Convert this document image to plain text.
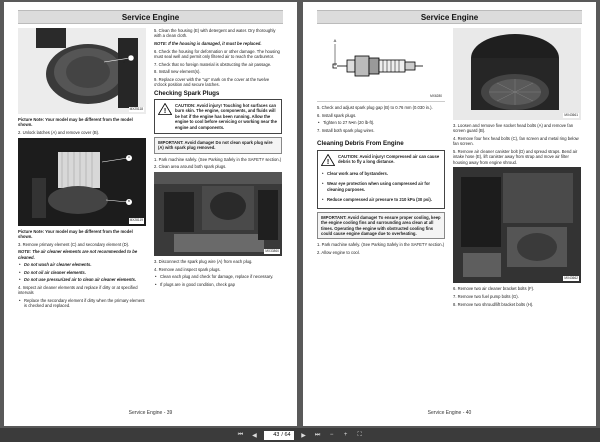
Service Engine
A
MX25118

Picture Note: Your model may be different from the model shown.

2. Unlock latches (A) and remove cover (B).

A
B
MX28119

Picture Note: Your model may be different from the model shown.

3. Remove primary element (C) and secondary element (D).

NOTE: The air cleaner elements are not recommended to be cleaned.

• Do not wash air cleaner elements.

• Do not oil air cleaner elements.

• Do not use pressurized air to clean air cleaner elements.

4. Inspect air cleaner elements and replace if dirty or at specified intervals

• Replace the secondary element if dirty when the primary element is checked and replaced.

5. Clean the housing (E) with detergent and water. Dry thoroughly with a clean cloth.

NOTE: If the housing is damaged, it must be replaced.

6. Check the housing for deformation or other damage. The housing must seal well and permit only filtered air to reach the carburetor.

7. Check that no foreign material is obstructing the air passage.

8. Install new element(s).

9. Replace cover with the "up" mark on the cover at the twelve o'clock position and secure latches.

Checking Spark Plugs
!
CAUTION: Avoid injury! Touching hot surfaces can burn skin. The engine, components, and fluids will be hot if the engine has been running. Allow the engine to cool before servicing or working near the engine and components.
IMPORTANT: Avoid damage! Do not clean spark plug wire (A) with spark plug removed.

1. Park machine safely. (See Parking Safely in the SAFETY section.)

2. Clean area around both spark plugs.

MX33860

3. Disconnect the spark plug wire (A) from each plug.

4. Remove and inspect spark plugs.

• Clean each plug and check for damage, replace if necessary.

• If plugs are in good condition, check gap

Service Engine - 39
Service Engine
A
MX6280

5. Check and adjust spark plug gap (B) to 0.76 mm (0.030 in.).

6. Install spark plugs.

• Tighten to 27 N•m (20 lb-ft).

7. Install both spark plug wires.

Cleaning Debris From Engine
!
CAUTION: Avoid injury! Compressed air can cause debris to fly a long distance.

• Clear work area of bystanders.

• Wear eye protection when using compressed air for cleaning purposes.

• Reduce compressed air pressure to 210 kPa (30 psi).

IMPORTANT: Avoid damage! To ensure proper cooling, keep the engine cooling fins and surrounding area clean at all times. Operating the engine with obstructed cooling fins could cause engine damage due to overheating.

1. Park machine safely. (See Parking Safely in the SAFETY section.)

2. Allow engine to cool.

MX43661

3. Loosen and remove five socket head bolts (A) and remove fan screen guard (B).

4. Remove four hex head bolts (C), fan screen and metal ring below fan screen.

5. Remove air cleaner canister bolt (D) and spread straps. Bend air intake hose (E), lift canister away from strap and move air filter housing away from engine shroud.

MX43662

6. Remove two air cleaner bracket bolts (F).

7. Remove two fuel pump bolts (G).

8. Remove two shroud/lift bracket bolts (H).

Service Engine - 40
⏮ ◀
43	/ 64 ▶ ⏭	−	+	⛶
